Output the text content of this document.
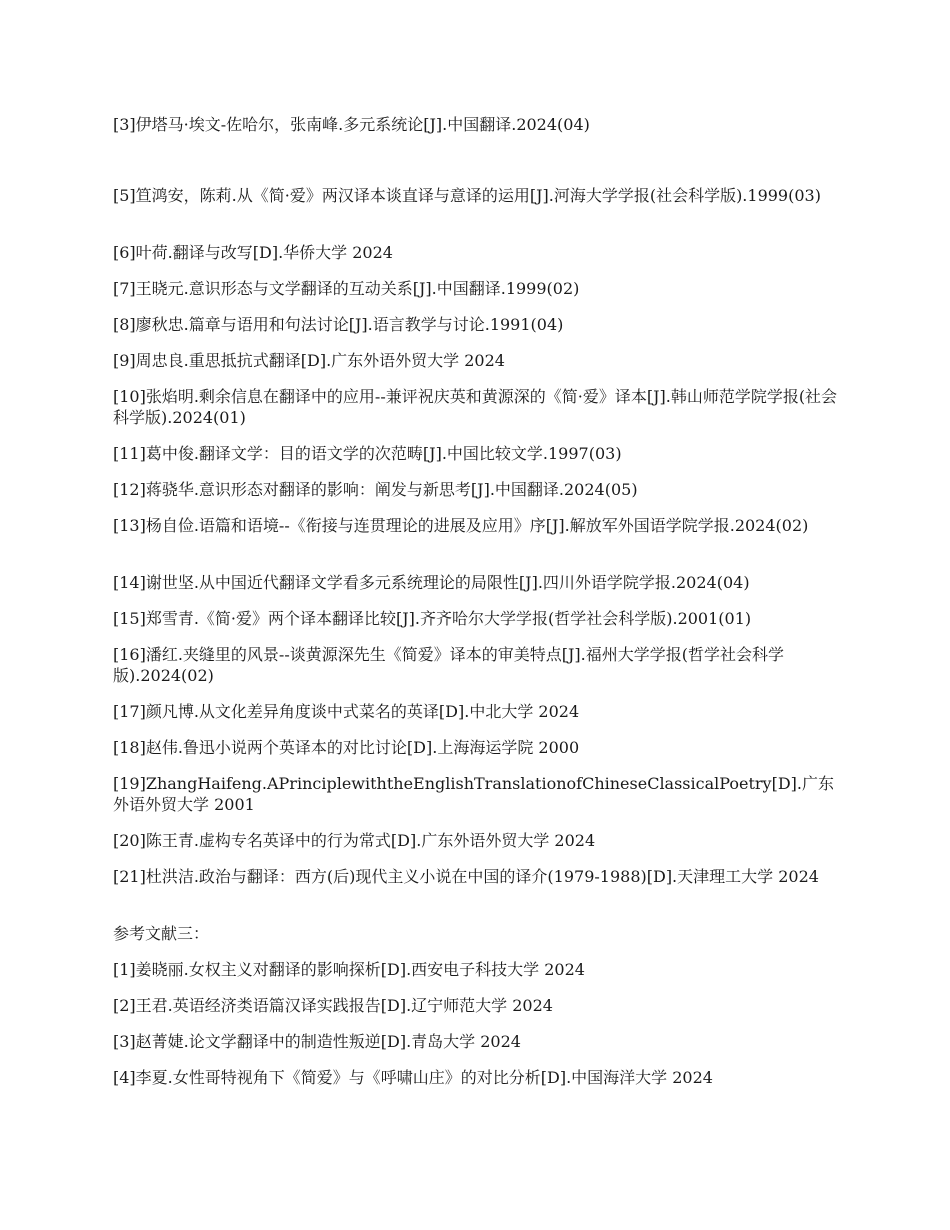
[3]伊塔马·埃文-佐哈尔，张南峰.多元系统论[J].中国翻译.2024(04)

[5]笪鸿安，陈莉.从《简·爱》两汉译本谈直译与意译的运用[J].河海大学学报(社会科学版).1999(03)

[6]叶荷.翻译与改写[D].华侨大学 2024

[7]王晓元.意识形态与文学翻译的互动关系[J].中国翻译.1999(02)

[8]廖秋忠.篇章与语用和句法讨论[J].语言教学与讨论.1991(04)

[9]周忠良.重思抵抗式翻译[D].广东外语外贸大学 2024

[10]张焰明.剩余信息在翻译中的应用--兼评祝庆英和黄源深的《简·爱》译本[J].韩山师范学院学报(社会科学版).2024(01)

[11]葛中俊.翻译文学：目的语文学的次范畴[J].中国比较文学.1997(03)

[12]蒋骁华.意识形态对翻译的影响：阐发与新思考[J].中国翻译.2024(05)

[13]杨自俭.语篇和语境--《衔接与连贯理论的进展及应用》序[J].解放军外国语学院学报.2024(02)

[14]谢世坚.从中国近代翻译文学看多元系统理论的局限性[J].四川外语学院学报.2024(04)

[15]郑雪青.《简·爱》两个译本翻译比较[J].齐齐哈尔大学学报(哲学社会科学版).2001(01)

[16]潘红.夹缝里的风景--谈黄源深先生《简爱》译本的审美特点[J].福州大学学报(哲学社会科学版).2024(02)

[17]颜凡博.从文化差异角度谈中式菜名的英译[D].中北大学 2024

[18]赵伟.鲁迅小说两个英译本的对比讨论[D].上海海运学院 2000

[19]ZhangHaifeng.APrinciplewiththeEnglishTranslationofChineseClassicalPoetry[D].广东外语外贸大学 2001

[20]陈王青.虚构专名英译中的行为常式[D].广东外语外贸大学 2024

[21]杜洪洁.政治与翻译：西方(后)现代主义小说在中国的译介(1979-1988)[D].天津理工大学 2024

参考文献三：

[1]姜晓丽.女权主义对翻译的影响探析[D].西安电子科技大学 2024

[2]王君.英语经济类语篇汉译实践报告[D].辽宁师范大学 2024

[3]赵菁婕.论文学翻译中的制造性叛逆[D].青岛大学 2024

[4]李夏.女性哥特视角下《简爱》与《呼啸山庄》的对比分析[D].中国海洋大学 2024
